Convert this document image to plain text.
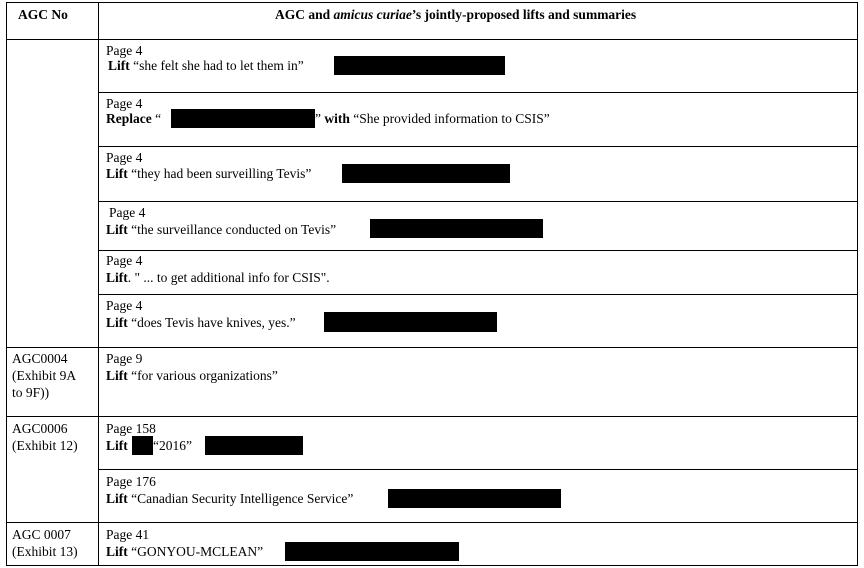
AGC No	AGC and amicus curiae’s jointly-proposed lifts and summaries
Page 4
Lift “she felt she had to let them in”
Page 4
Replace “	” with “She provided information to CSIS”
Page 4
Lift “they had been surveilling Tevis”
Page 4
Lift “the surveillance conducted on Tevis”
Page 4
Lift. " ... to get additional info for CSIS".
Page 4
Lift “does Tevis have knives, yes.”
AGC0004
(Exhibit 9A
to 9F))
Page 9
Lift “for various organizations”
AGC0006
(Exhibit 12)
Page 158
Lift “2016”
Page 176
Lift “Canadian Security Intelligence Service”
AGC 0007
(Exhibit 13)
Page 41
Lift “GONYOU-MCLEAN”
